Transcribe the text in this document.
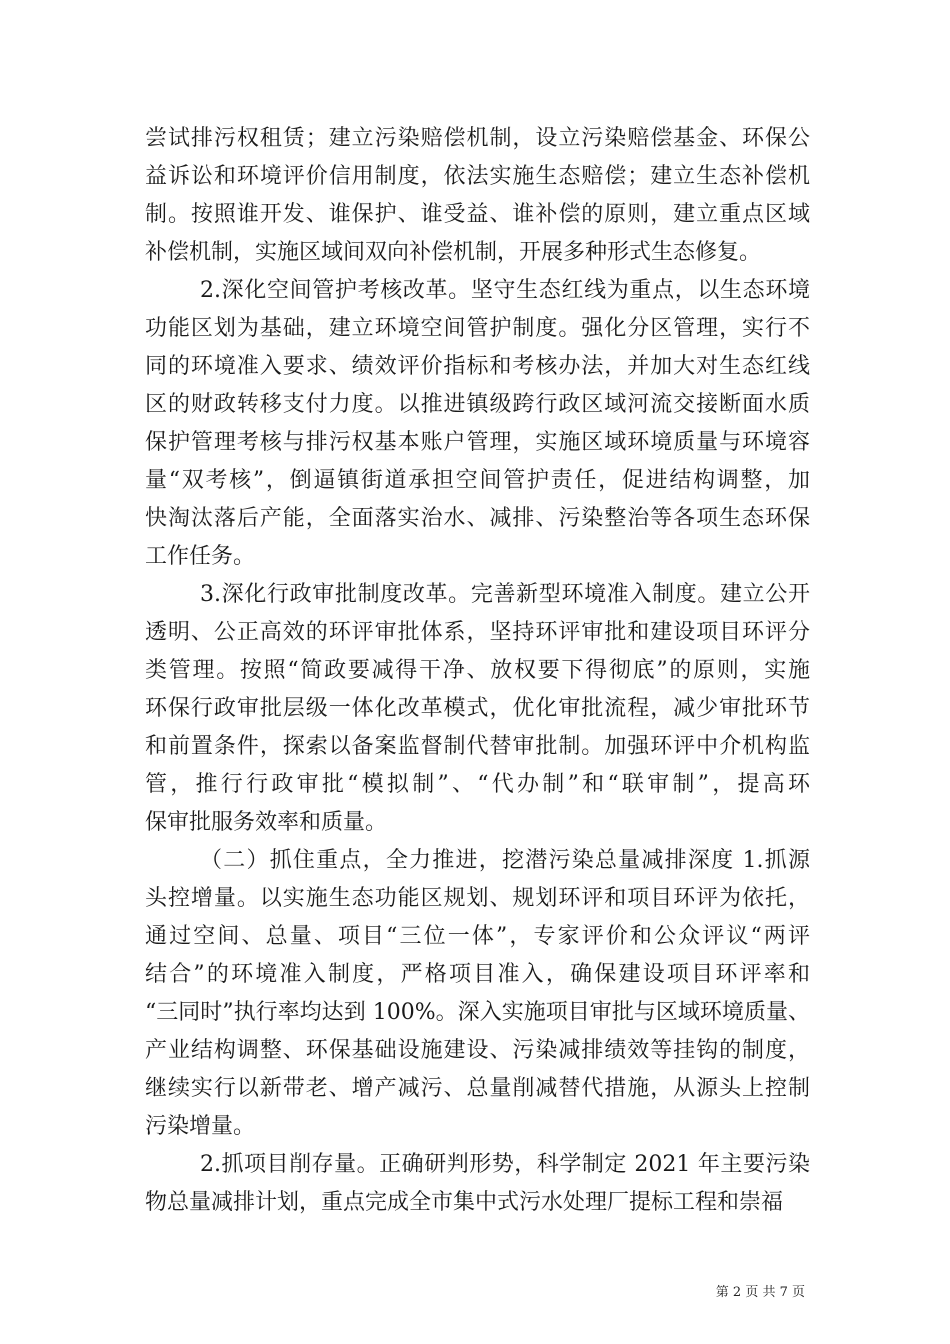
尝试排污权租赁；建立污染赔偿机制，设立污染赔偿基金、环保公
益诉讼和环境评价信用制度，依法实施生态赔偿；建立生态补偿机
制。按照谁开发、谁保护、谁受益、谁补偿的原则，建立重点区域
补偿机制，实施区域间双向补偿机制，开展多种形式生态修复。
2.深化空间管护考核改革。坚守生态红线为重点，以生态环境
功能区划为基础，建立环境空间管护制度。强化分区管理，实行不
同的环境准入要求、绩效评价指标和考核办法，并加大对生态红线
区的财政转移支付力度。以推进镇级跨行政区域河流交接断面水质
保护管理考核与排污权基本账户管理，实施区域环境质量与环境容
量“双考核”，倒逼镇街道承担空间管护责任，促进结构调整，加
快淘汰落后产能，全面落实治水、减排、污染整治等各项生态环保
工作任务。
3.深化行政审批制度改革。完善新型环境准入制度。建立公开
透明、公正高效的环评审批体系，坚持环评审批和建设项目环评分
类管理。按照“简政要减得干净、放权要下得彻底”的原则，实施
环保行政审批层级一体化改革模式，优化审批流程，减少审批环节
和前置条件，探索以备案监督制代替审批制。加强环评中介机构监
管，推行行政审批“模拟制”、“代办制”和“联审制”，提高环
保审批服务效率和质量。
（二）抓住重点，全力推进，挖潜污染总量减排深度 1.抓源
头控增量。以实施生态功能区规划、规划环评和项目环评为依托，
通过空间、总量、项目“三位一体”，专家评价和公众评议“两评
结合”的环境准入制度，严格项目准入，确保建设项目环评率和
“三同时”执行率均达到 100%。深入实施项目审批与区域环境质量、
产业结构调整、环保基础设施建设、污染减排绩效等挂钩的制度，
继续实行以新带老、增产减污、总量削减替代措施，从源头上控制
污染增量。
2.抓项目削存量。正确研判形势，科学制定 2021 年主要污染
物总量减排计划，重点完成全市集中式污水处理厂提标工程和崇福
第 2 页 共 7 页
